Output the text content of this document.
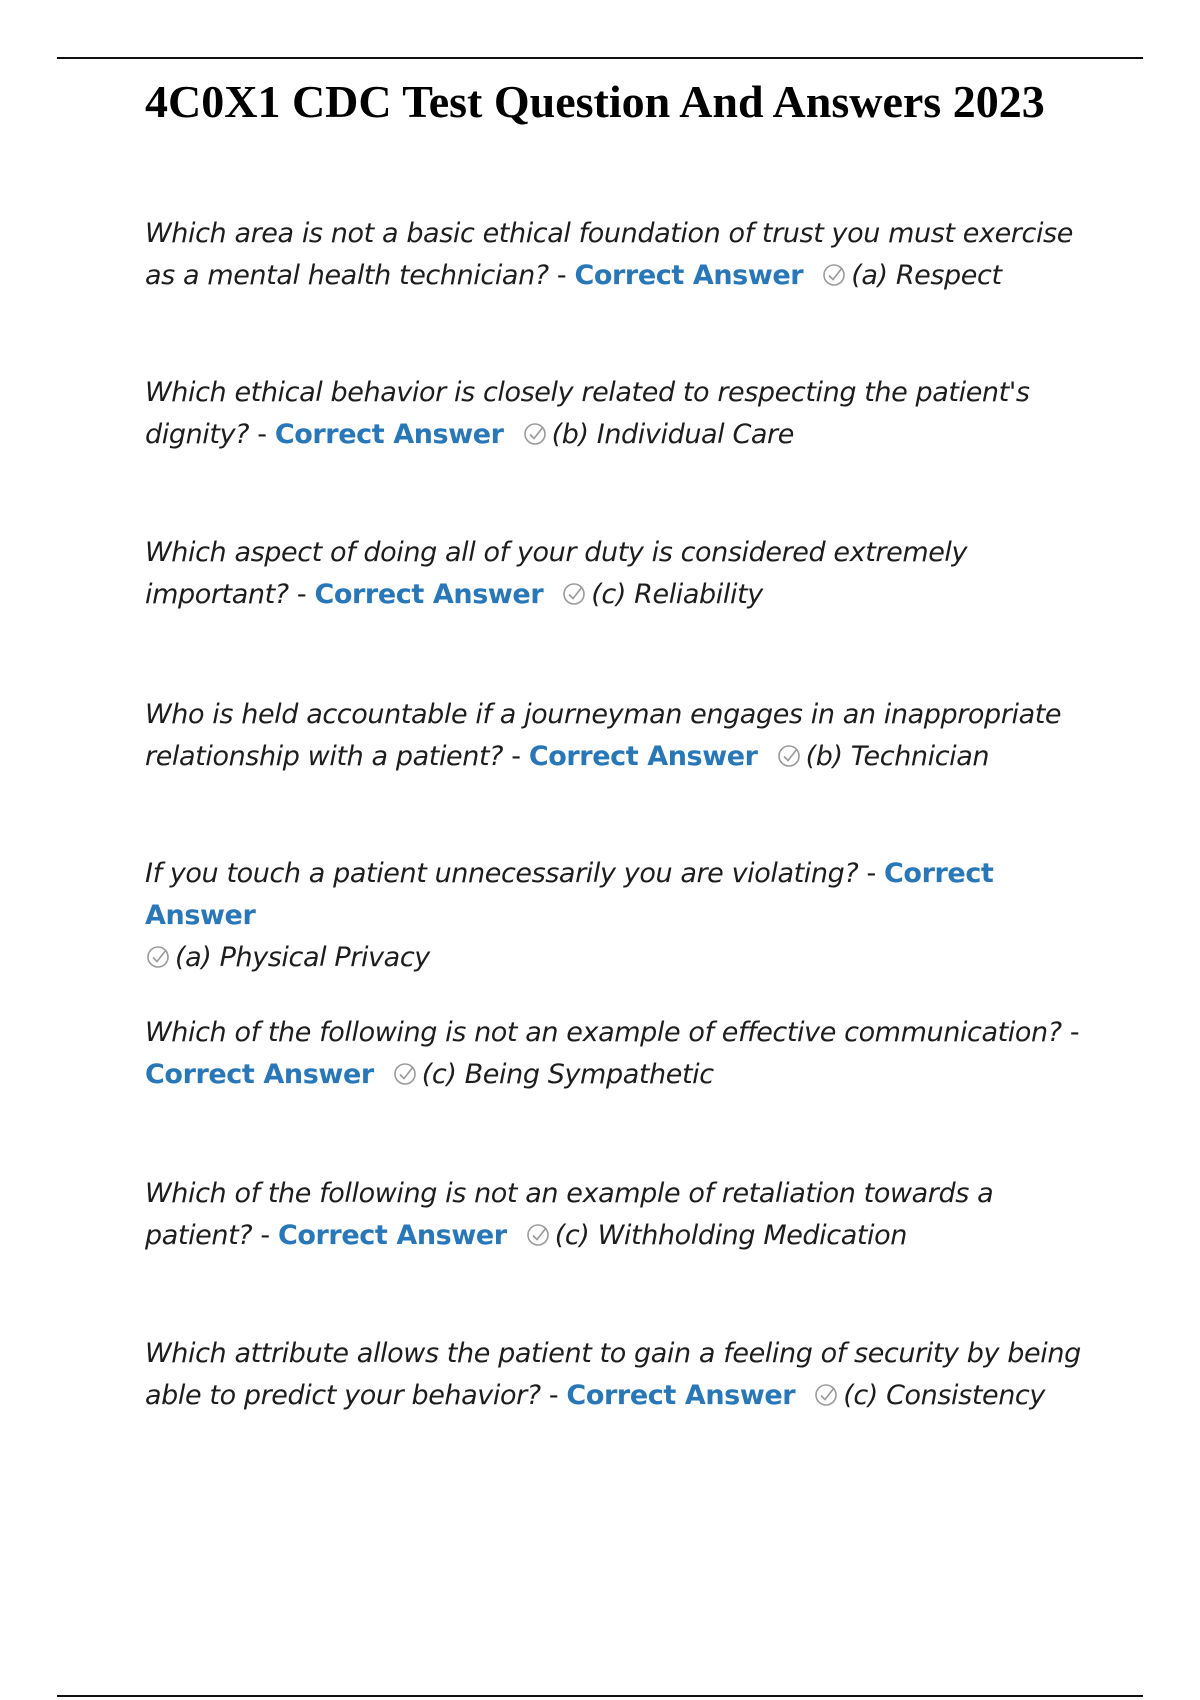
4C0X1 CDC Test Question And Answers 2023

Which area is not a basic ethical foundation of trust you must exercise as a mental health technician? - Correct Answer (a) Respect

Which ethical behavior is closely related to respecting the patient's dignity? - Correct Answer (b) Individual Care

Which aspect of doing all of your duty is considered extremely important? - Correct Answer (c) Reliability

Who is held accountable if a journeyman engages in an inappropriate relationship with a patient? - Correct Answer (b) Technician

If you touch a patient unnecessarily you are violating? - Correct Answer

(a) Physical Privacy

Which of the following is not an example of effective communication? - Correct Answer (c) Being Sympathetic

Which of the following is not an example of retaliation towards a patient? - Correct Answer (c) Withholding Medication

Which attribute allows the patient to gain a feeling of security by being able to predict your behavior? - Correct Answer (c) Consistency
